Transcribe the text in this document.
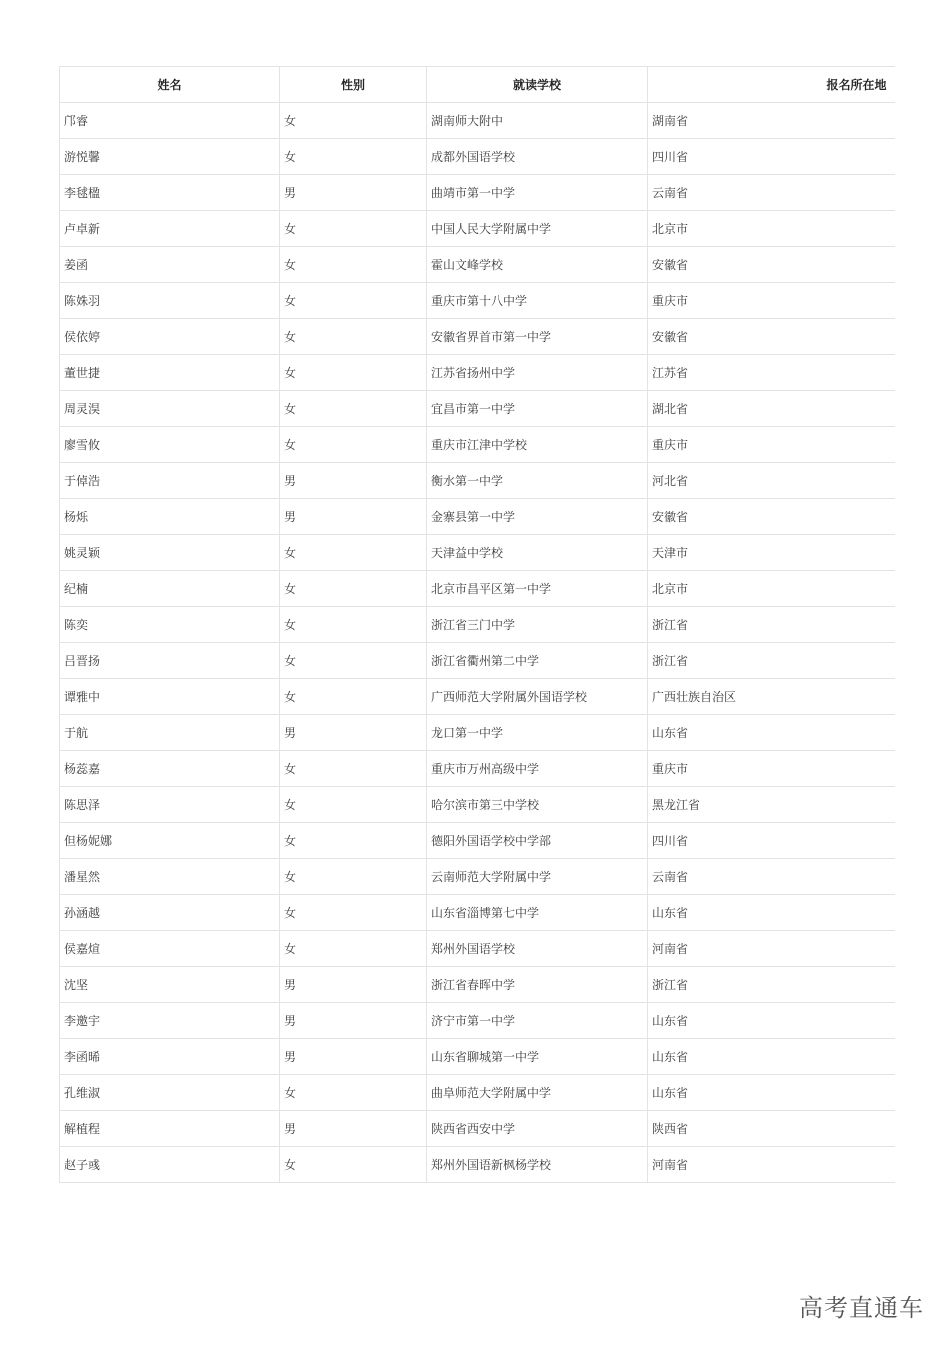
姓名	性别	就读学校	报名所在地
邝睿	女	湖南师大附中	湖南省
游悦馨	女	成都外国语学校	四川省
李毬楹	男	曲靖市第一中学	云南省
卢卓新	女	中国人民大学附属中学	北京市
姜函	女	霍山文峰学校	安徽省
陈姝羽	女	重庆市第十八中学	重庆市
侯依婷	女	安徽省界首市第一中学	安徽省
董世捷	女	江苏省扬州中学	江苏省
周灵淏	女	宜昌市第一中学	湖北省
廖雪攸	女	重庆市江津中学校	重庆市
于倬浩	男	衡水第一中学	河北省
杨烁	男	金寨县第一中学	安徽省
姚灵颖	女	天津益中学校	天津市
纪楠	女	北京市昌平区第一中学	北京市
陈奕	女	浙江省三门中学	浙江省
吕晋扬	女	浙江省衢州第二中学	浙江省
谭雅中	女	广西师范大学附属外国语学校	广西壮族自治区
于航	男	龙口第一中学	山东省
杨蕊嘉	女	重庆市万州高级中学	重庆市
陈思泽	女	哈尔滨市第三中学校	黑龙江省
但杨妮娜	女	德阳外国语学校中学部	四川省
潘星然	女	云南师范大学附属中学	云南省
孙涵越	女	山东省淄博第七中学	山东省
侯嘉煊	女	郑州外国语学校	河南省
沈坚	男	浙江省春晖中学	浙江省
李邀宇	男	济宁市第一中学	山东省
李函晞	男	山东省聊城第一中学	山东省
孔维淑	女	曲阜师范大学附属中学	山东省
解植程	男	陕西省西安中学	陕西省
赵子彧	女	郑州外国语新枫杨学校	河南省
高考直通车
